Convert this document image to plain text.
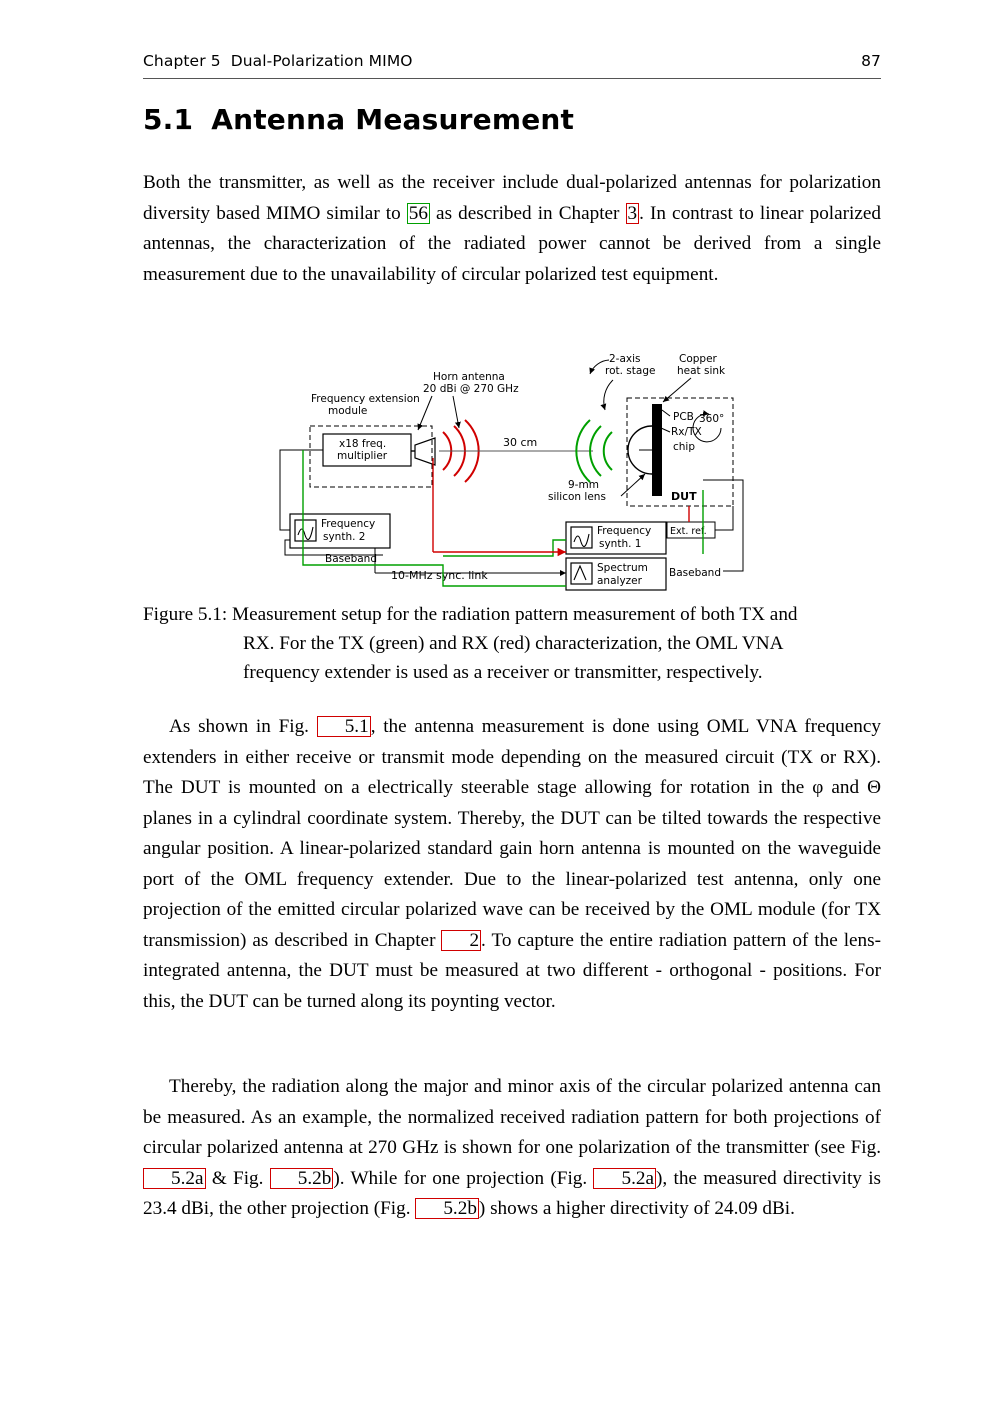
Chapter 5  Dual-Polarization MIMO	87
5.1 Antenna Measurement
Both the transmitter, as well as the receiver include dual-polarized antennas for polarization diversity based MIMO similar to 56 as described in Chapter 3 . In contrast to linear polarized antennas, the characterization of the radiated power cannot be derived from a single measurement due to the unavailability of circular polarized test equipment.
Frequency extension
module
x18 freq.
multiplier
Horn antenna
20 dBi @ 270 GHz
30 cm
DUT
Copper
heat sink
9-mm
silicon lens
PCB
Rx/TX
chip
360°
2-axis
rot. stage
Frequency
synth. 2	Frequency
synth. 1
Spectrum
analyzer
Ext. ref.
Baseband
Baseband
10-MHz sync. link
Figure 5.1: Measurement setup for the radiation pattern measurement of both TX and
RX. For the TX (green) and RX (red) characterization, the OML VNA
frequency extender is used as a receiver or transmitter, respectively.
As shown in Fig. 5.1 , the antenna measurement is done using OML VNA frequency extenders in either receive or transmit mode depending on the measured circuit (TX or RX). The DUT is mounted on a electrically steerable stage allowing for rotation in the φ and Θ planes in a cylindral coordinate system. Thereby, the DUT can be tilted towards the respective angular position. A linear-polarized standard gain horn antenna is mounted on the waveguide port of the OML frequency extender. Due to the linear-polarized test antenna, only one projection of the emitted circular polarized wave can be received by the OML module (for TX transmission) as described in Chapter 2 . To capture the entire radiation pattern of the lens-integrated antenna, the DUT must be measured at two different - orthogonal - positions. For this, the DUT can be turned along its poynting vector.
Thereby, the radiation along the major and minor axis of the circular polarized antenna can be measured. As an example, the normalized received radiation pattern for both projections of circular polarized antenna at 270 GHz is shown for one polarization of the transmitter (see Fig. 5.2a & Fig. 5.2b ). While for one projection (Fig. 5.2a ), the measured directivity is 23.4 dBi, the other projection (Fig. 5.2b ) shows a higher directivity of 24.09 dBi.
